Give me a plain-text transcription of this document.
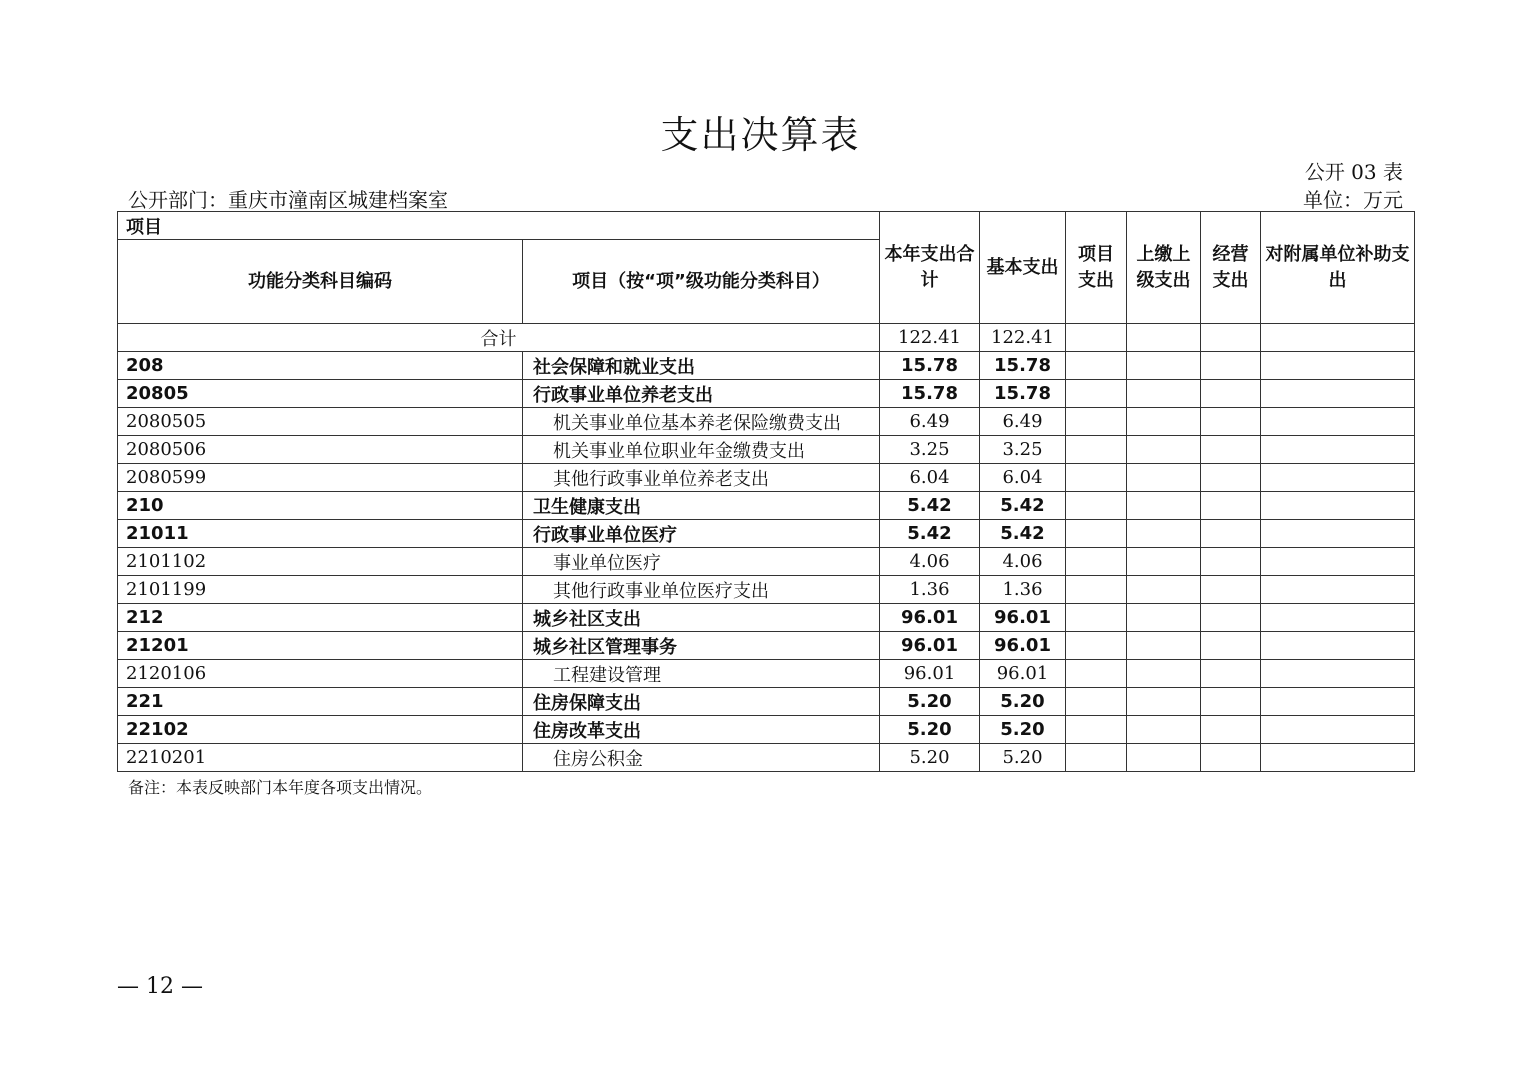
支出决算表
公开 03 表
公开部门：重庆市潼南区城建档案室	单位：万元
项目		本年支出合计	基本支出	项目支出	上缴上级支出	经营支出	对附属单位补助支出
功能分类科目编码	项目（按“项”级功能分类科目）						
合计		122.41	122.41				
208	社会保障和就业支出	15.78	15.78				
20805	行政事业单位养老支出	15.78	15.78				
2080505	机关事业单位基本养老保险缴费支出	6.49	6.49				
2080506	机关事业单位职业年金缴费支出	3.25	3.25				
2080599	其他行政事业单位养老支出	6.04	6.04				
210	卫生健康支出	5.42	5.42				
21011	行政事业单位医疗	5.42	5.42				
2101102	事业单位医疗	4.06	4.06				
2101199	其他行政事业单位医疗支出	1.36	1.36				
212	城乡社区支出	96.01	96.01				
21201	城乡社区管理事务	96.01	96.01				
2120106	工程建设管理	96.01	96.01				
221	住房保障支出	5.20	5.20				
22102	住房改革支出	5.20	5.20				
2210201	住房公积金	5.20	5.20				
备注：本表反映部门本年度各项支出情况。
— 12 —
